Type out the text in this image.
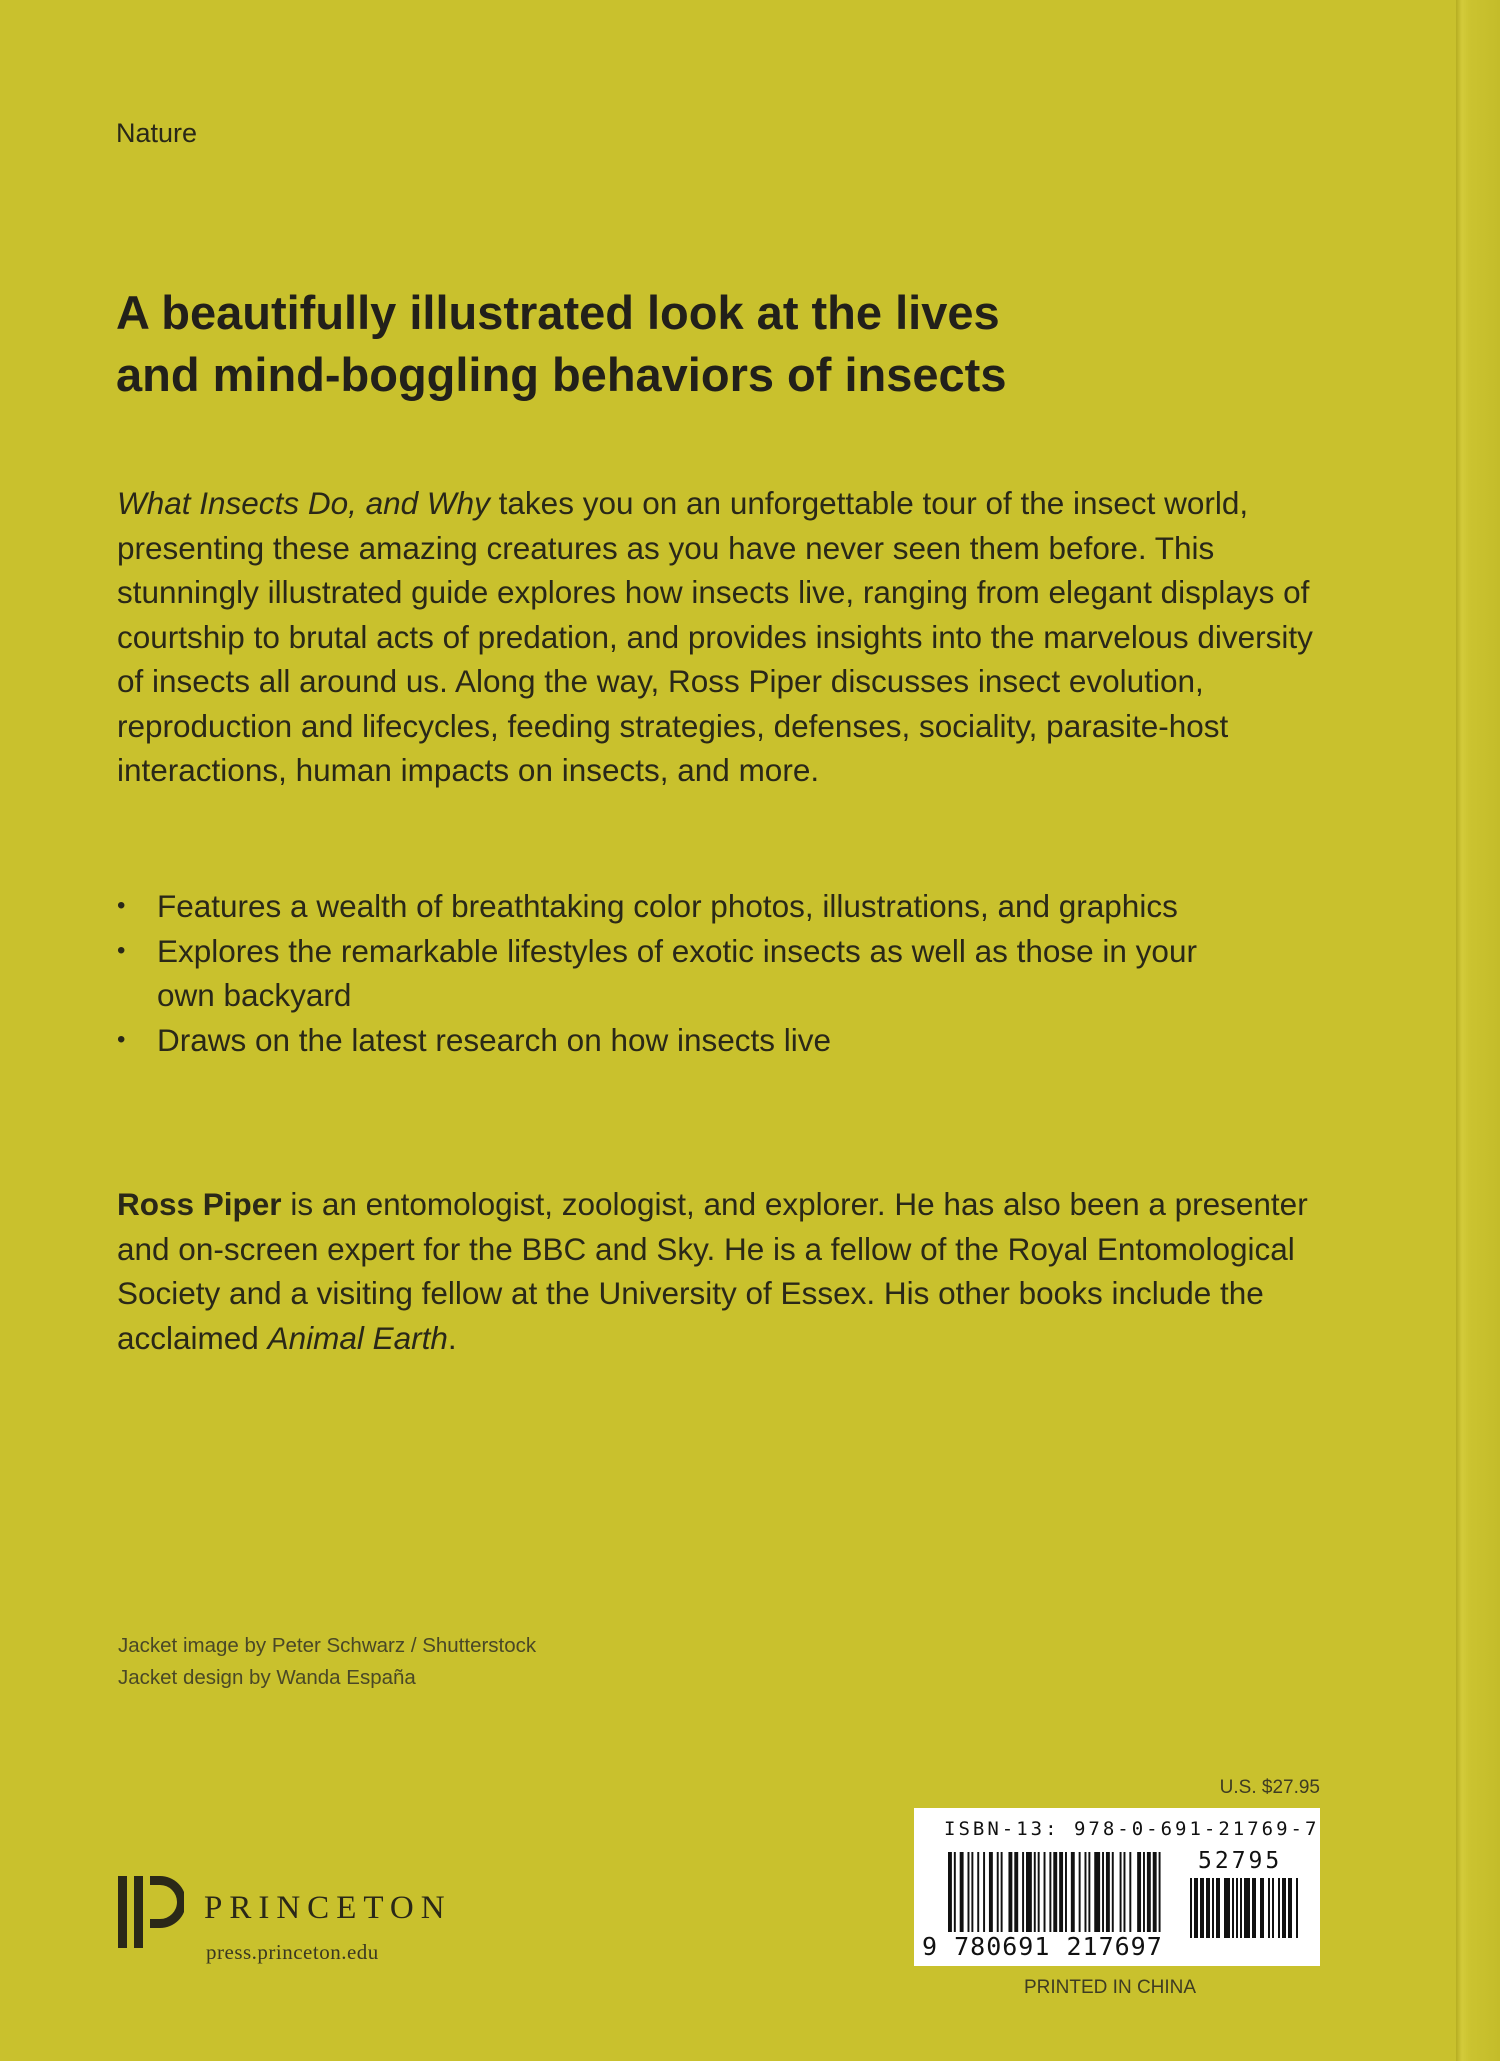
Nature
A beautifully illustrated look at the lives
and mind-boggling behaviors of insects

What Insects Do, and Why takes you on an unforgettable tour of the insect world, presenting these amazing creatures as you have never seen them before. This stunningly illustrated guide explores how insects live, ranging from elegant displays of courtship to brutal acts of predation, and provides insights into the marvelous diversity of insects all around us. Along the way, Ross Piper discusses insect evolution, reproduction and lifecycles, feeding strategies, defenses, sociality, parasite-host interactions, human impacts on insects, and more.

• Features a wealth of breathtaking color photos, illustrations, and graphics
• Explores the remarkable lifestyles of exotic insects as well as those in your own backyard
• Draws on the latest research on how insects live

Ross Piper is an entomologist, zoologist, and explorer. He has also been a presenter and on-screen expert for the BBC and Sky. He is a fellow of the Royal Entomological Society and a visiting fellow at the University of Essex. His other books include the acclaimed Animal Earth.

Jacket image by Peter Schwarz / Shutterstock
Jacket design by Wanda España
U.S. $27.95
ISBN-13: 978-0-691-21769-7
52795
9 780691 217697
PRINTED IN CHINA
PRINCETON
press.princeton.edu
